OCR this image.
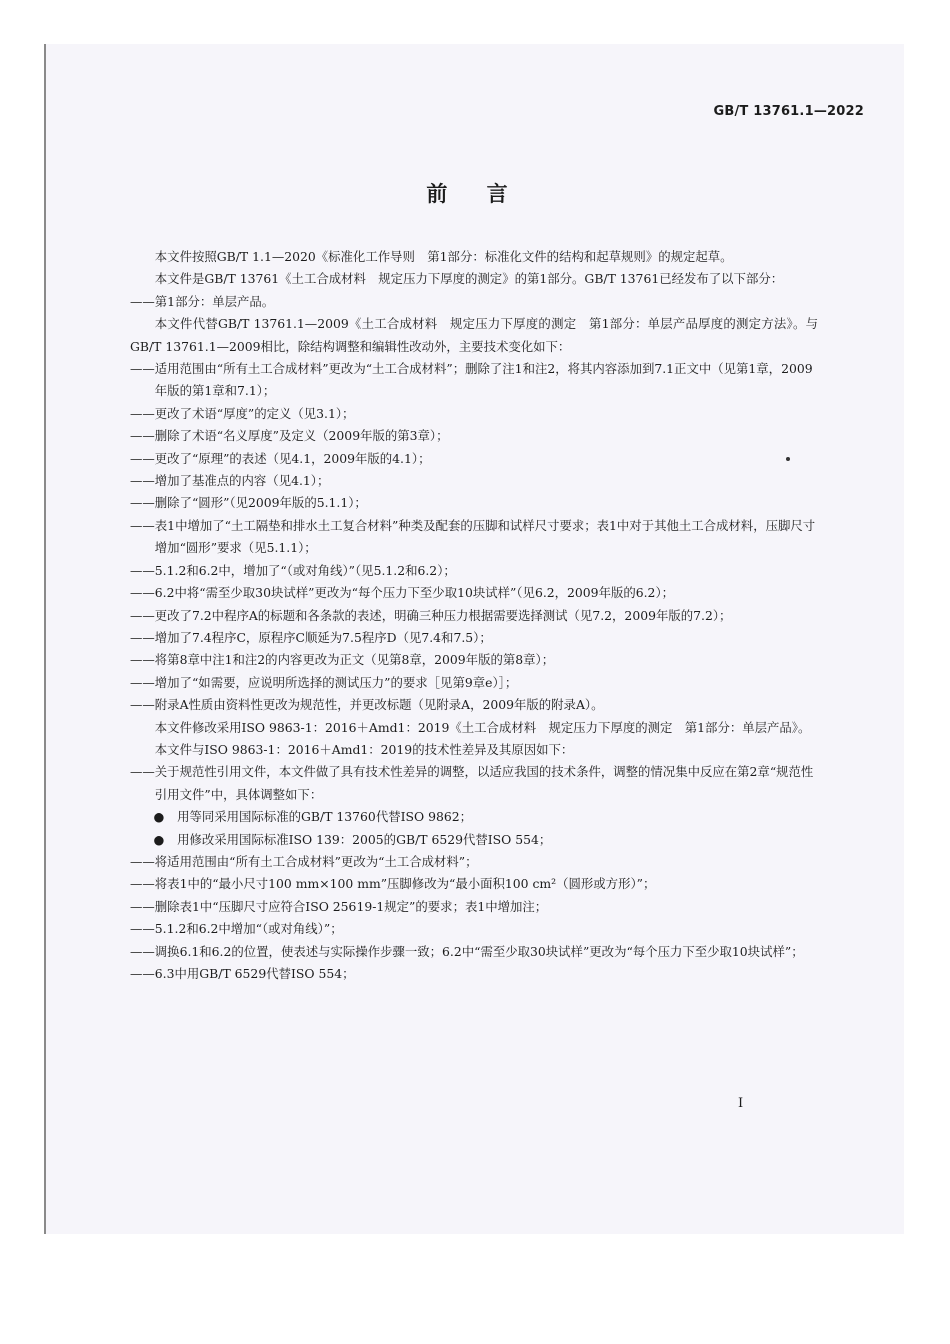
GB/T 13761.1—2022
前 言

本文件按照GB/T 1.1—2020《标准化工作导则　第1部分：标准化文件的结构和起草规则》的规定起草。

本文件是GB/T 13761《土工合成材料　规定压力下厚度的测定》的第1部分。GB/T 13761已经发布了以下部分：

——第1部分：单层产品。

本文件代替GB/T 13761.1—2009《土工合成材料　规定压力下厚度的测定　第1部分：单层产品厚度的测定方法》。与GB/T 13761.1—2009相比，除结构调整和编辑性改动外，主要技术变化如下：

——适用范围由“所有土工合成材料”更改为“土工合成材料”；删除了注1和注2，将其内容添加到7.1正文中（见第1章，2009年版的第1章和7.1）；

——更改了术语“厚度”的定义（见3.1）；

——删除了术语“名义厚度”及定义（2009年版的第3章）；

——更改了“原理”的表述（见4.1，2009年版的4.1）；

——增加了基准点的内容（见4.1）；

——删除了“圆形”（见2009年版的5.1.1）；

——表1中增加了“土工隔垫和排水土工复合材料”种类及配套的压脚和试样尺寸要求；表1中对于其他土工合成材料，压脚尺寸增加“圆形”要求（见5.1.1）；

——5.1.2和6.2中，增加了“（或对角线）”（见5.1.2和6.2）；

——6.2中将“需至少取30块试样”更改为“每个压力下至少取10块试样”（见6.2，2009年版的6.2）；

——更改了7.2中程序A的标题和各条款的表述，明确三种压力根据需要选择测试（见7.2，2009年版的7.2）；

——增加了7.4程序C，原程序C顺延为7.5程序D（见7.4和7.5）；

——将第8章中注1和注2的内容更改为正文（见第8章，2009年版的第8章）；

——增加了“如需要，应说明所选择的测试压力”的要求［见第9章e）］；

——附录A性质由资料性更改为规范性，并更改标题（见附录A，2009年版的附录A）。

本文件修改采用ISO 9863-1：2016＋Amd1：2019《土工合成材料　规定压力下厚度的测定　第1部分：单层产品》。

本文件与ISO 9863-1：2016＋Amd1：2019的技术性差异及其原因如下：

——关于规范性引用文件，本文件做了具有技术性差异的调整，以适应我国的技术条件，调整的情况集中反应在第2章“规范性引用文件”中，具体调整如下：

● 用等同采用国际标准的GB/T 13760代替ISO 9862；

● 用修改采用国际标准ISO 139：2005的GB/T 6529代替ISO 554；

——将适用范围由“所有土工合成材料”更改为“土工合成材料”；

——将表1中的“最小尺寸100 mm×100 mm”压脚修改为“最小面积100 cm²（圆形或方形）”；

——删除表1中“压脚尺寸应符合ISO 25619-1规定”的要求；表1中增加注；

——5.1.2和6.2中增加“（或对角线）”；

——调换6.1和6.2的位置，使表述与实际操作步骤一致；6.2中“需至少取30块试样”更改为“每个压力下至少取10块试样”；

——6.3中用GB/T 6529代替ISO 554；

I
